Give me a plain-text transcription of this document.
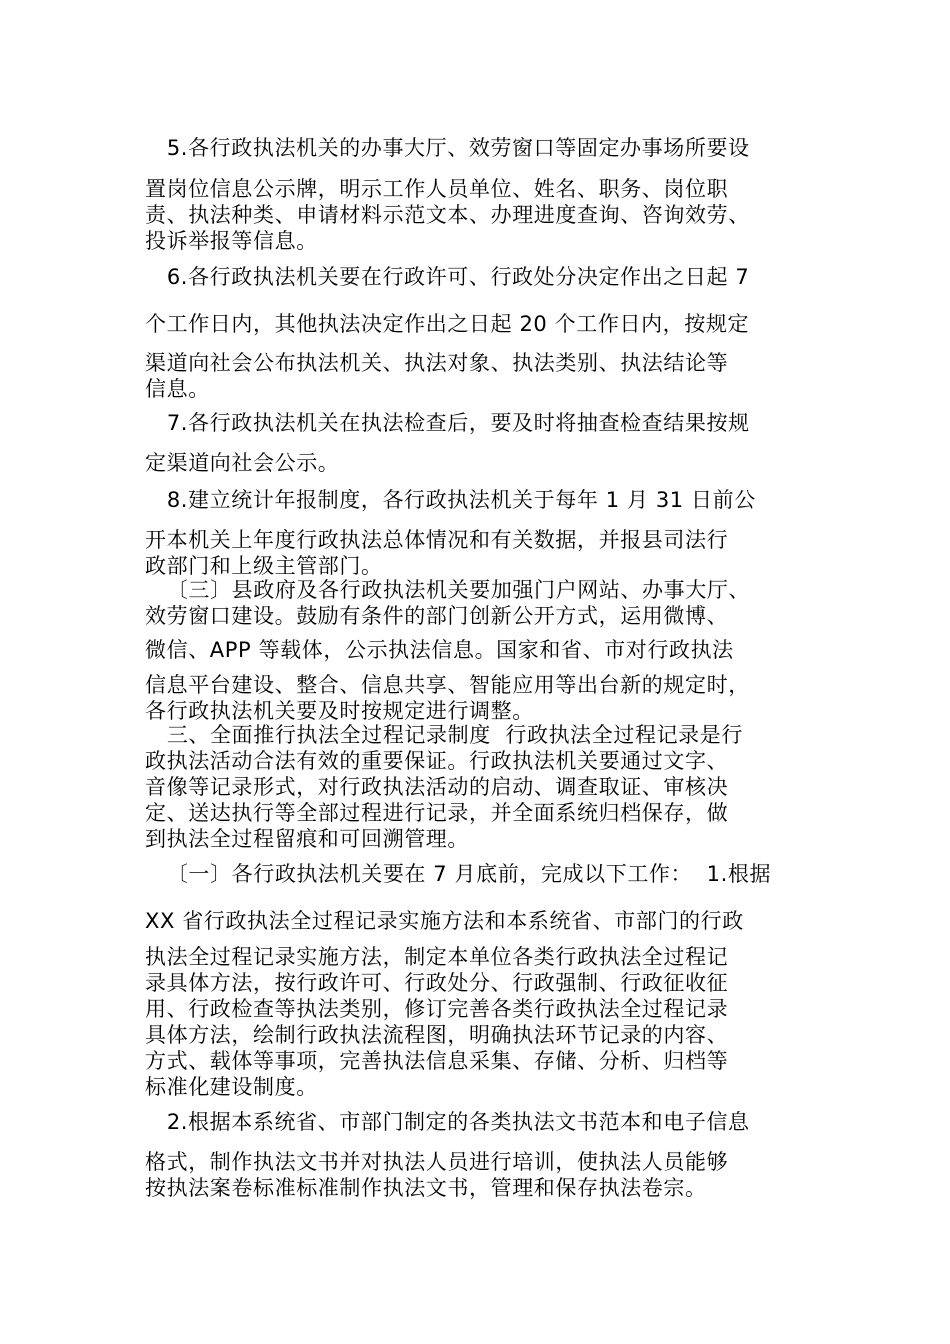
5.各行政执法机关的办事大厅、效劳窗口等固定办事场所要设
置岗位信息公示牌，明示工作人员单位、姓名、职务、岗位职
责、执法种类、申请材料示范文本、办理进度查询、咨询效劳、
投诉举报等信息。
6.各行政执法机关要在行政许可、行政处分决定作出之日起 7
个工作日内，其他执法决定作出之日起 20 个工作日内，按规定
渠道向社会公布执法机关、执法对象、执法类别、执法结论等
信息。
7.各行政执法机关在执法检查后，要及时将抽查检查结果按规
定渠道向社会公示。
8.建立统计年报制度，各行政执法机关于每年 1 月 31 日前公
开本机关上年度行政执法总体情况和有关数据，并报县司法行
政部门和上级主管部门。
〔三〕县政府及各行政执法机关要加强门户网站、办事大厅、
效劳窗口建设。鼓励有条件的部门创新公开方式，运用微博、
微信、APP 等载体，公示执法信息。国家和省、市对行政执法
信息平台建设、整合、信息共享、智能应用等出台新的规定时，
各行政执法机关要及时按规定进行调整。
三、全面推行执法全过程记录制度  行政执法全过程记录是行
政执法活动合法有效的重要保证。行政执法机关要通过文字、
音像等记录形式，对行政执法活动的启动、调查取证、审核决
定、送达执行等全部过程进行记录，并全面系统归档保存，做
到执法全过程留痕和可回溯管理。
〔一〕各行政执法机关要在 7 月底前，完成以下工作：  1.根据
XX 省行政执法全过程记录实施方法和本系统省、市部门的行政
执法全过程记录实施方法，制定本单位各类行政执法全过程记
录具体方法，按行政许可、行政处分、行政强制、行政征收征
用、行政检查等执法类别，修订完善各类行政执法全过程记录
具体方法，绘制行政执法流程图，明确执法环节记录的内容、
方式、载体等事项，完善执法信息采集、存储、分析、归档等
标准化建设制度。
2.根据本系统省、市部门制定的各类执法文书范本和电子信息
格式，制作执法文书并对执法人员进行培训，使执法人员能够
按执法案卷标准标准制作执法文书，管理和保存执法卷宗。
